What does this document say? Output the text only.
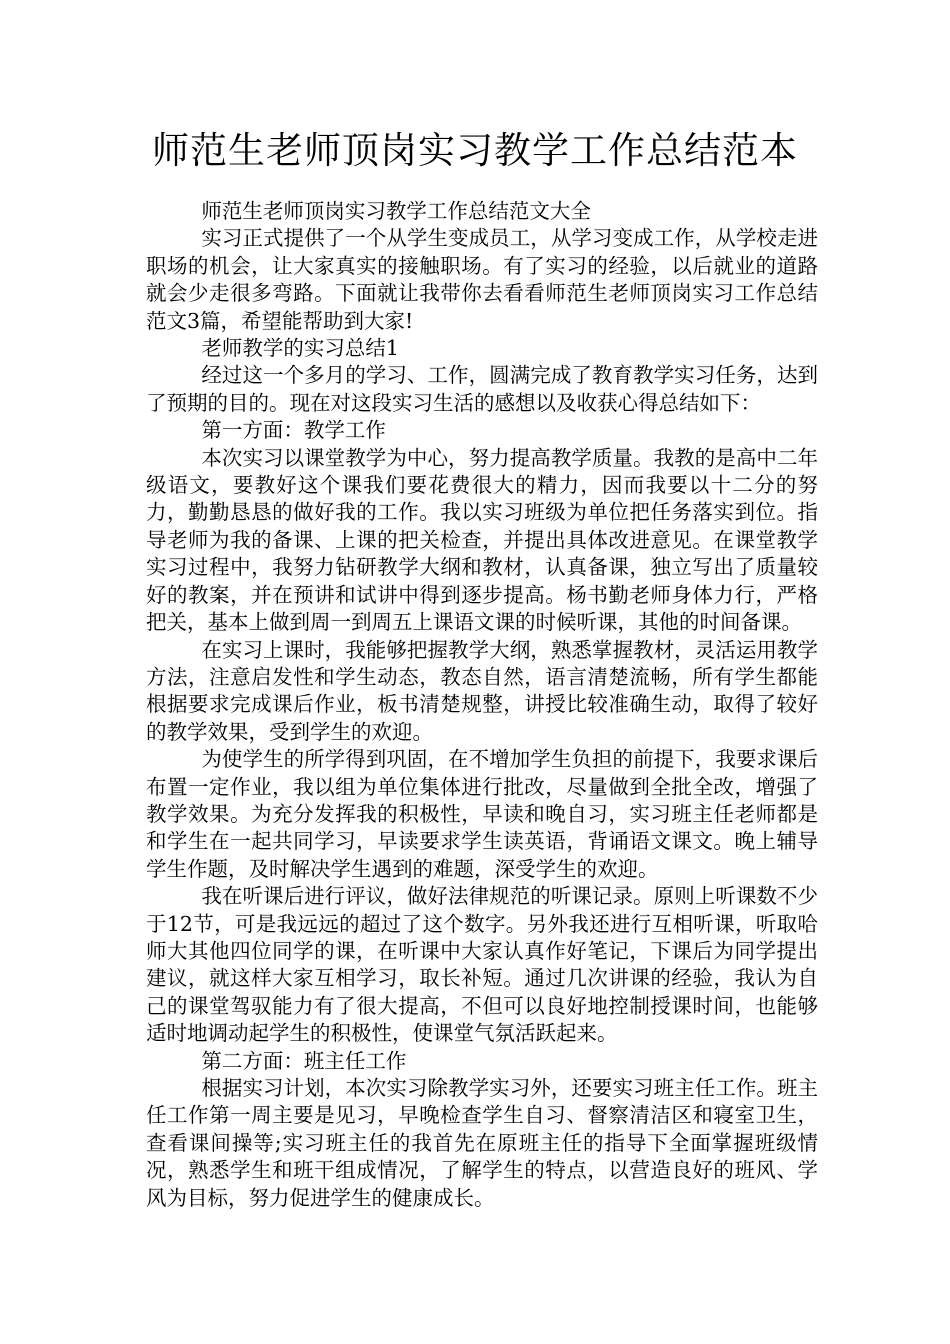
师范生老师顶岗实习教学工作总结范本

师范生老师顶岗实习教学工作总结范文大全

实习正式提供了一个从学生变成员工，从学习变成工作，从学校走进职场的机会，让大家真实的接触职场。有了实习的经验，以后就业的道路就会少走很多弯路。下面就让我带你去看看师范生老师顶岗实习工作总结范文3篇，希望能帮助到大家!

老师教学的实习总结1

经过这一个多月的学习、工作，圆满完成了教育教学实习任务，达到了预期的目的。现在对这段实习生活的感想以及收获心得总结如下：

第一方面：教学工作

本次实习以课堂教学为中心，努力提高教学质量。我教的是高中二年级语文，要教好这个课我们要花费很大的精力，因而我要以十二分的努力，勤勤恳恳的做好我的工作。我以实习班级为单位把任务落实到位。指导老师为我的备课、上课的把关检查，并提出具体改进意见。在课堂教学实习过程中，我努力钻研教学大纲和教材，认真备课，独立写出了质量较好的教案，并在预讲和试讲中得到逐步提高。杨书勤老师身体力行，严格把关，基本上做到周一到周五上课语文课的时候听课，其他的时间备课。

在实习上课时，我能够把握教学大纲，熟悉掌握教材，灵活运用教学方法，注意启发性和学生动态，教态自然，语言清楚流畅，所有学生都能根据要求完成课后作业，板书清楚规整，讲授比较准确生动，取得了较好的教学效果，受到学生的欢迎。

为使学生的所学得到巩固，在不增加学生负担的前提下，我要求课后布置一定作业，我以组为单位集体进行批改，尽量做到全批全改，增强了教学效果。为充分发挥我的积极性，早读和晚自习，实习班主任老师都是和学生在一起共同学习，早读要求学生读英语，背诵语文课文。晚上辅导学生作题，及时解决学生遇到的难题，深受学生的欢迎。

我在听课后进行评议，做好法律规范的听课记录。原则上听课数不少于12节，可是我远远的超过了这个数字。另外我还进行互相听课，听取哈师大其他四位同学的课，在听课中大家认真作好笔记，下课后为同学提出建议，就这样大家互相学习，取长补短。通过几次讲课的经验，我认为自己的课堂驾驭能力有了很大提高，不但可以良好地控制授课时间，也能够适时地调动起学生的积极性，使课堂气氛活跃起来。

第二方面：班主任工作

根据实习计划，本次实习除教学实习外，还要实习班主任工作。班主任工作第一周主要是见习，早晚检查学生自习、督察清洁区和寝室卫生，查看课间操等;实习班主任的我首先在原班主任的指导下全面掌握班级情况，熟悉学生和班干组成情况，了解学生的特点，以营造良好的班风、学风为目标，努力促进学生的健康成长。
